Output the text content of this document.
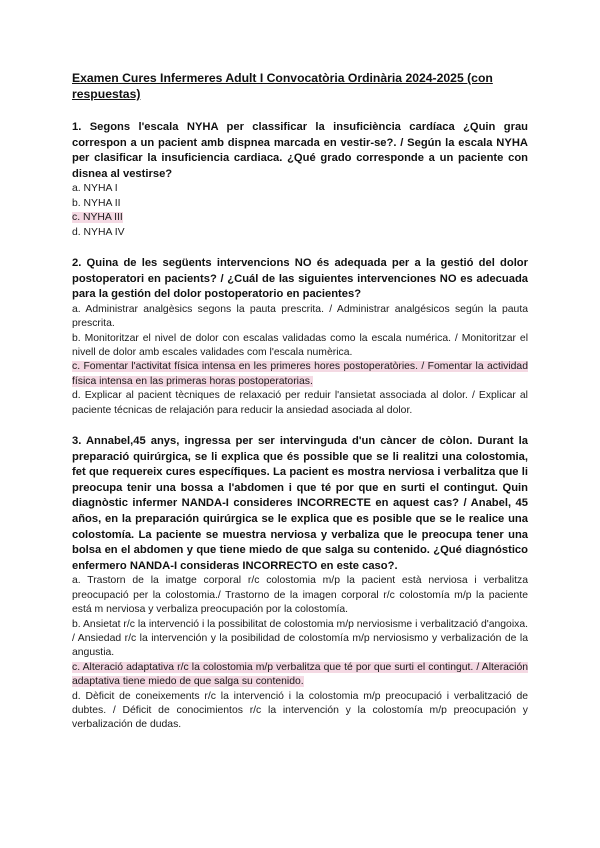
Examen Cures Infermeres Adult I Convocatòria Ordinària 2024-2025 (con respuestas)

1. Segons l'escala NYHA per classificar la insuficiència cardíaca ¿Quin grau correspon a un pacient amb dispnea marcada en vestir-se?. / Según la escala NYHA per clasificar la insuficiencia cardiaca. ¿Qué grado corresponde a un paciente con disnea al vestirse?

a. NYHA I

b. NYHA II

c. NYHA III

d. NYHA IV

2. Quina de les següents intervencions NO és adequada per a la gestió del dolor postoperatori en pacients? / ¿Cuál de las siguientes intervenciones NO es adecuada para la gestión del dolor postoperatorio en pacientes?

a. Administrar analgèsics segons la pauta prescrita. / Administrar analgésicos según la pauta prescrita.

b. Monitoritzar el nivel de dolor con escalas validadas como la escala numérica. / Monitoritzar el nivell de dolor amb escales validades com l'escala numèrica.

c. Fomentar l'activitat física intensa en les primeres hores postoperatòries. / Fomentar la actividad física intensa en las primeras horas postoperatorias.

d. Explicar al pacient tècniques de relaxació per reduir l'ansietat associada al dolor. / Explicar al paciente técnicas de relajación para reducir la ansiedad asociada al dolor.

3. Annabel,45 anys, ingressa per ser intervinguda d'un càncer de còlon. Durant la preparació quirúrgica, se li explica que és possible que se li realitzi una colostomia, fet que requereix cures específiques. La pacient es mostra nerviosa i verbalitza que li preocupa tenir una bossa a l'abdomen i que té por que en surti el contingut. Quin diagnòstic infermer NANDA-I consideres INCORRECTE en aquest cas? / Anabel, 45 años, en la preparación quirúrgica se le explica que es posible que se le realice una colostomía. La paciente se muestra nerviosa y verbaliza que le preocupa tener una bolsa en el abdomen y que tiene miedo de que salga su contenido. ¿Qué diagnóstico enfermero NANDA-I consideras INCORRECTO en este caso?.

a. Trastorn de la imatge corporal r/c colostomia m/p la pacient està nerviosa i verbalitza preocupació per la colostomia./ Trastorno de la imagen corporal r/c colostomía m/p la paciente está m nerviosa y verbaliza preocupación por la colostomía.

b. Ansietat r/c la intervenció i la possibilitat de colostomia m/p nerviosisme i verbalització d'angoixa. / Ansiedad r/c la intervención y la posibilidad de colostomía m/p nerviosismo y verbalización de la angustia.

c. Alteració adaptativa r/c la colostomia m/p verbalitza que té por que surti el contingut. / Alteración adaptativa tiene miedo de que salga su contenido.

d. Dèficit de coneixements r/c la intervenció i la colostomia m/p preocupació i verbalització de dubtes. / Déficit de conocimientos r/c la intervención y la colostomía m/p preocupación y verbalización de dudas.
